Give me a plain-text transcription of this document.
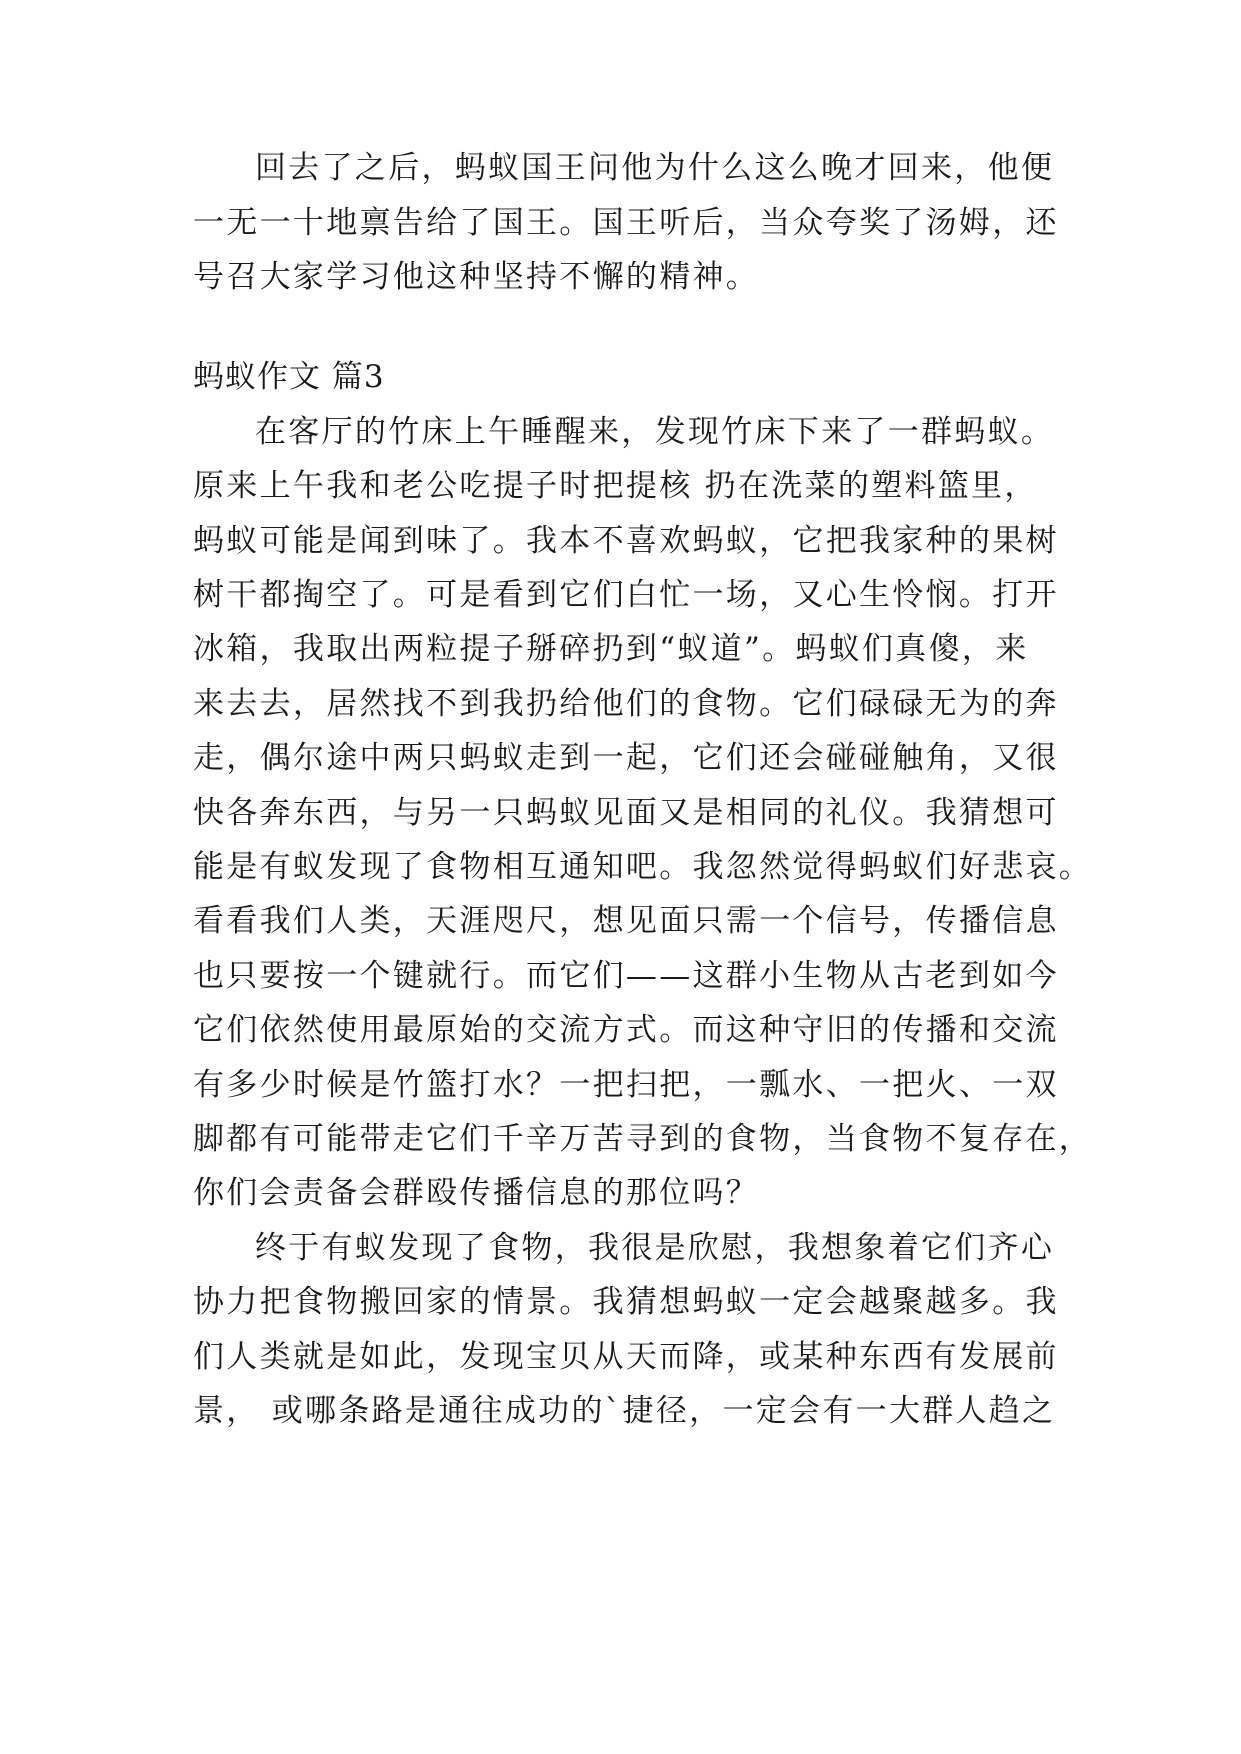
回去了之后，蚂蚁国王问他为什么这么晚才回来，他便
一无一十地禀告给了国王。国王听后，当众夸奖了汤姆，还
号召大家学习他这种坚持不懈的精神。
蚂蚁作文 篇3
在客厅的竹床上午睡醒来，发现竹床下来了一群蚂蚁。
原来上午我和老公吃提子时把提核 扔在洗菜的塑料篮里，
蚂蚁可能是闻到味了。我本不喜欢蚂蚁，它把我家种的果树
树干都掏空了。可是看到它们白忙一场，又心生怜悯。打开
冰箱，我取出两粒提子掰碎扔到“蚁道”。蚂蚁们真傻，来
来去去，居然找不到我扔给他们的食物。它们碌碌无为的奔
走，偶尔途中两只蚂蚁走到一起，它们还会碰碰触角，又很
快各奔东西，与另一只蚂蚁见面又是相同的礼仪。我猜想可
能是有蚁发现了食物相互通知吧。我忽然觉得蚂蚁们好悲哀。
看看我们人类，天涯咫尺，想见面只需一个信号，传播信息
也只要按一个键就行。而它们——这群小生物从古老到如今
它们依然使用最原始的交流方式。而这种守旧的传播和交流
有多少时候是竹篮打水？一把扫把，一瓢水、一把火、一双
脚都有可能带走它们千辛万苦寻到的食物，当食物不复存在，
你们会责备会群殴传播信息的那位吗？
终于有蚁发现了食物，我很是欣慰，我想象着它们齐心
协力把食物搬回家的情景。我猜想蚂蚁一定会越聚越多。我
们人类就是如此，发现宝贝从天而降，或某种东西有发展前
景， 或哪条路是通往成功的`捷径，一定会有一大群人趋之
